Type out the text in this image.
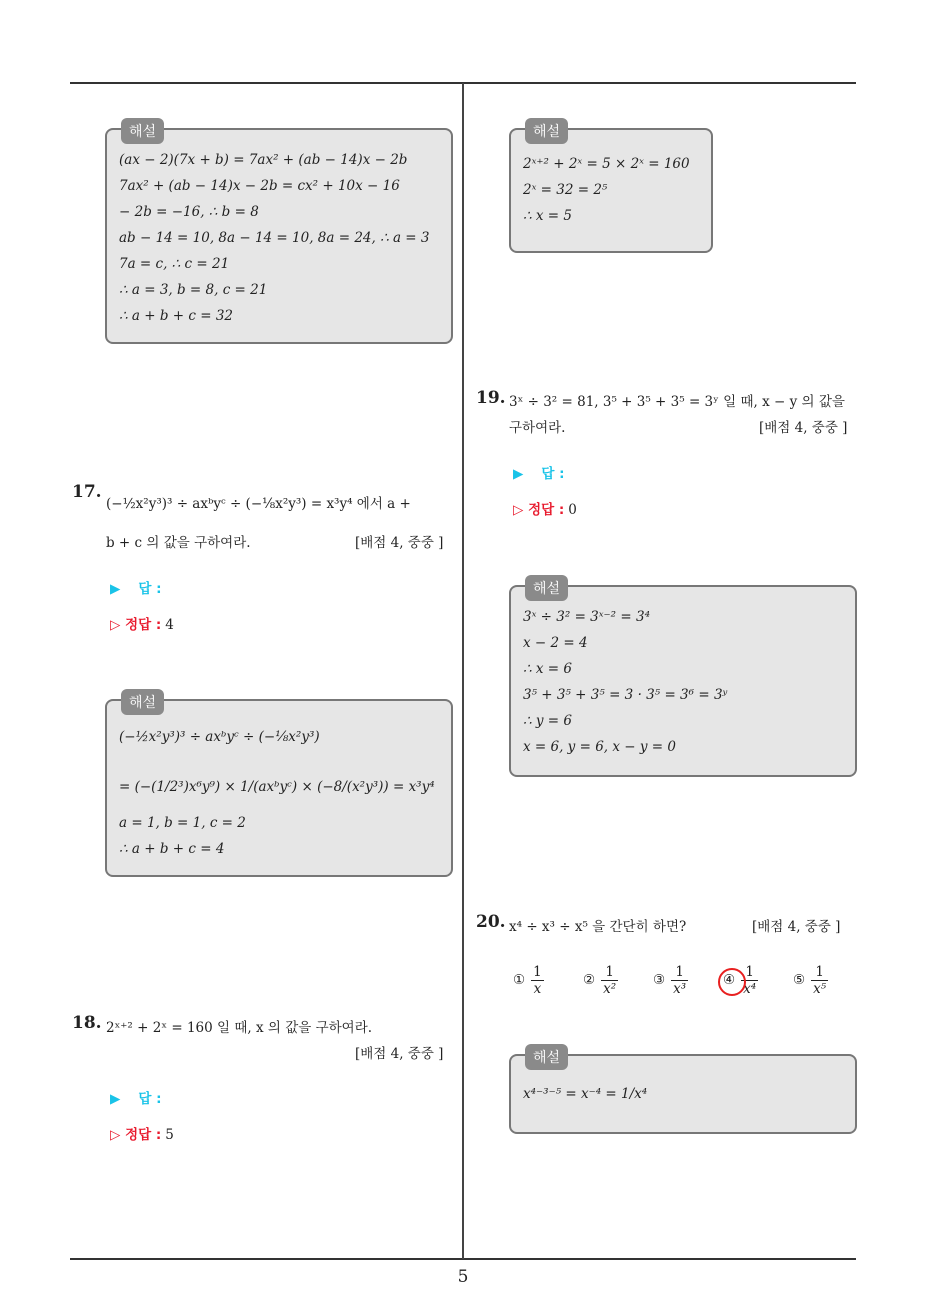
해설
(ax − 2)(7x + b) = 7ax² + (ab − 14)x − 2b
7ax² + (ab − 14)x − 2b = cx² + 10x − 16
− 2b = −16, ∴ b = 8
ab − 14 = 10, 8a − 14 = 10, 8a = 24, ∴ a = 3
7a = c, ∴ c = 21
∴ a = 3, b = 8, c = 21
∴ a + b + c = 32
해설
2ˣ⁺² + 2ˣ = 5 × 2ˣ = 160
2ˣ = 32 = 2⁵
∴ x = 5
19. 3ˣ ÷ 3² = 81, 3⁵ + 3⁵ + 3⁵ = 3ʸ 일 때, x − y 의 값을
구하여라.	[배점 4, 중중 ]
▶ 답 :
▷ 정답 : 0
해설
3ˣ ÷ 3² = 3ˣ⁻² = 3⁴
x − 2 = 4
∴ x = 6
3⁵ + 3⁵ + 3⁵ = 3 · 3⁵ = 3⁶ = 3ʸ
∴ y = 6
x = 6, y = 6, x − y = 0
17.
(−½x²y³)³ ÷ axᵇyᶜ ÷ (−⅛x²y³) = x³y⁴ 에서 a +
b + c 의 값을 구하여라.	[배점 4, 중중 ]
▶ 답 :
▷ 정답 : 4
해설
(−½x²y³)³ ÷ axᵇyᶜ ÷ (−⅛x²y³)
= (−(1/2³)x⁶y⁹) × 1/(axᵇyᶜ) × (−8/(x²y³)) = x³y⁴
a = 1, b = 1, c = 2
∴ a + b + c = 4
20. x⁴ ÷ x³ ÷ x⁵ 을 간단히 하면?	[배점 4, 중중 ]
① $\frac{1}{x}$	② $\frac{1}{\text{x²}}$	③ $\frac{1}{\text{x³}}$	④ $\frac{1}{\text{x⁴}}$	⑤ $\frac{1}{\text{x⁵}}$
해설
x⁴⁻³⁻⁵ = x⁻⁴ = 1/x⁴
18. 2ˣ⁺² + 2ˣ = 160 일 때, x 의 값을 구하여라.
[배점 4, 중중 ]
▶ 답 :
▷ 정답 : 5
5
